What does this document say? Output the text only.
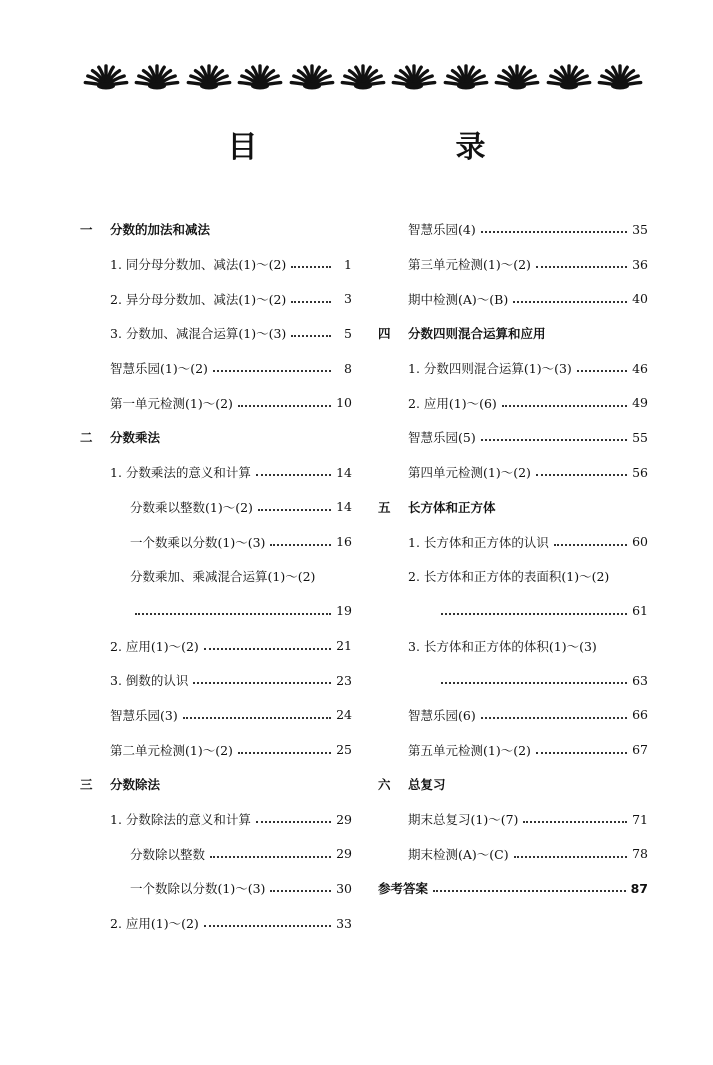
目　　录
一	分数的加法和减法
1. 同分母分数加、减法(1)～(2)	1
2. 异分母分数加、减法(1)～(2)	3
3. 分数加、减混合运算(1)～(3)	5
智慧乐园(1)～(2)	8
第一单元检测(1)～(2)	10
二	分数乘法
1. 分数乘法的意义和计算	14
分数乘以整数(1)～(2)	14
一个数乘以分数(1)～(3)	16
分数乘加、乘减混合运算(1)～(2)
19
2. 应用(1)～(2)	21
3. 倒数的认识	23
智慧乐园(3)	24
第二单元检测(1)～(2)	25
三	分数除法
1. 分数除法的意义和计算	29
分数除以整数	29
一个数除以分数(1)～(3)	30
2. 应用(1)～(2)	33
智慧乐园(4)	35
第三单元检测(1)～(2)	36
期中检测(A)～(B)	40
四	分数四则混合运算和应用
1. 分数四则混合运算(1)～(3)	46
2. 应用(1)～(6)	49
智慧乐园(5)	55
第四单元检测(1)～(2)	56
五	长方体和正方体
1. 长方体和正方体的认识	60
2. 长方体和正方体的表面积(1)～(2)
61
3. 长方体和正方体的体积(1)～(3)
63
智慧乐园(6)	66
第五单元检测(1)～(2)	67
六	总复习
期末总复习(1)～(7)	71
期末检测(A)～(C)	78
参考答案	87
